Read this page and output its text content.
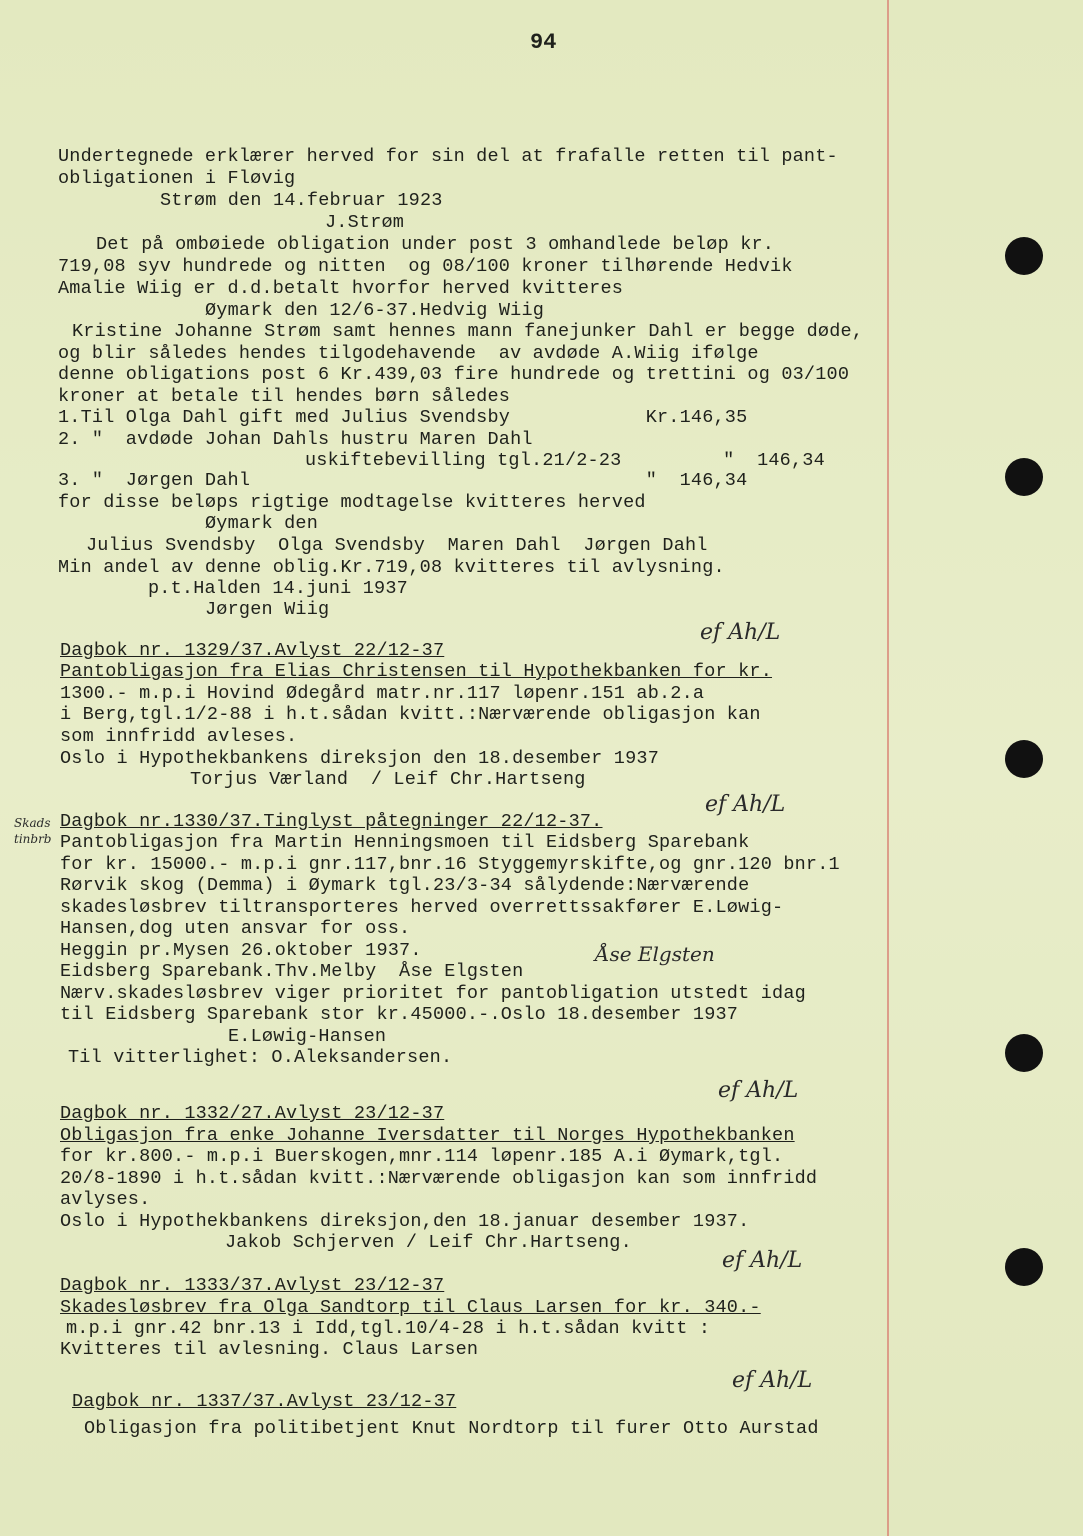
94
Undertegnede erklærer herved for sin del at frafalle retten til pant-
obligationen i Fløvig
Strøm den 14.februar 1923
J.Strøm
Det på ombøiede obligation under post 3 omhandlede beløp kr.
719,08 syv hundrede og nitten  og 08/100 kroner tilhørende Hedvik
Amalie Wiig er d.d.betalt hvorfor herved kvitteres
Øymark den 12/6-37.Hedvig Wiig
Kristine Johanne Strøm samt hennes mann fanejunker Dahl er begge døde,
og blir således hendes tilgodehavende  av avdøde A.Wiig ifølge
denne obligations post 6 Kr.439,03 fire hundrede og trettini og 03/100
kroner at betale til hendes børn således
1.Til Olga Dahl gift med Julius Svendsby            Kr.146,35
2. "  avdøde Johan Dahls hustru Maren Dahl
uskiftebevilling tgl.21/2-23         "  146,34
3. "  Jørgen Dahl                                   "  146,34
for disse beløps rigtige modtagelse kvitteres herved
Øymark den
Julius Svendsby  Olga Svendsby  Maren Dahl  Jørgen Dahl
Min andel av denne oblig.Kr.719,08 kvitteres til avlysning.
p.t.Halden 14.juni 1937
Jørgen Wiig
Dagbok nr. 1329/37.Avlyst 22/12-37
Pantobligasjon fra Elias Christensen til Hypothekbanken for kr.
1300.- m.p.i Hovind Ødegård matr.nr.117 løpenr.151 ab.2.a
i Berg,tgl.1/2-88 i h.t.sådan kvitt.:Nærværende obligasjon kan
som innfridd avleses.
Oslo i Hypothekbankens direksjon den 18.desember 1937
Torjus Værland  / Leif Chr.Hartseng
Dagbok nr.1330/37.Tinglyst påtegninger 22/12-37.
Pantobligasjon fra Martin Henningsmoen til Eidsberg Sparebank
for kr. 15000.- m.p.i gnr.117,bnr.16 Styggemyrskifte,og gnr.120 bnr.1
Rørvik skog (Demma) i Øymark tgl.23/3-34 sålydende:Nærværende
skadesløsbrev tiltransporteres herved overrettssakfører E.Løwig-
Hansen,dog uten ansvar for oss.
Heggin pr.Mysen 26.oktober 1937.
Eidsberg Sparebank.Thv.Melby  Åse Elgsten
Nærv.skadesløsbrev viger prioritet for pantobligation utstedt idag
til Eidsberg Sparebank stor kr.45000.-.Oslo 18.desember 1937
E.Løwig-Hansen
Til vitterlighet: O.Aleksandersen.
Dagbok nr. 1332/27.Avlyst 23/12-37
Obligasjon fra enke Johanne Iversdatter til Norges Hypothekbanken
for kr.800.- m.p.i Buerskogen,mnr.114 løpenr.185 A.i Øymark,tgl.
20/8-1890 i h.t.sådan kvitt.:Nærværende obligasjon kan som innfridd
avlyses.
Oslo i Hypothekbankens direksjon,den 18.januar desember 1937.
Jakob Schjerven / Leif Chr.Hartseng.
Dagbok nr. 1333/37.Avlyst 23/12-37
Skadesløsbrev fra Olga Sandtorp til Claus Larsen for kr. 340.-
m.p.i gnr.42 bnr.13 i Idd,tgl.10/4-28 i h.t.sådan kvitt :
Kvitteres til avlesning. Claus Larsen
Dagbok nr. 1337/37.Avlyst 23/12-37
Obligasjon fra politibetjent Knut Nordtorp til furer Otto Aurstad
ef Ah/L
ef Ah/L
ef Ah/L
ef Ah/L
ef Ah/L
Åse Elgsten
Skads
tinbrb
